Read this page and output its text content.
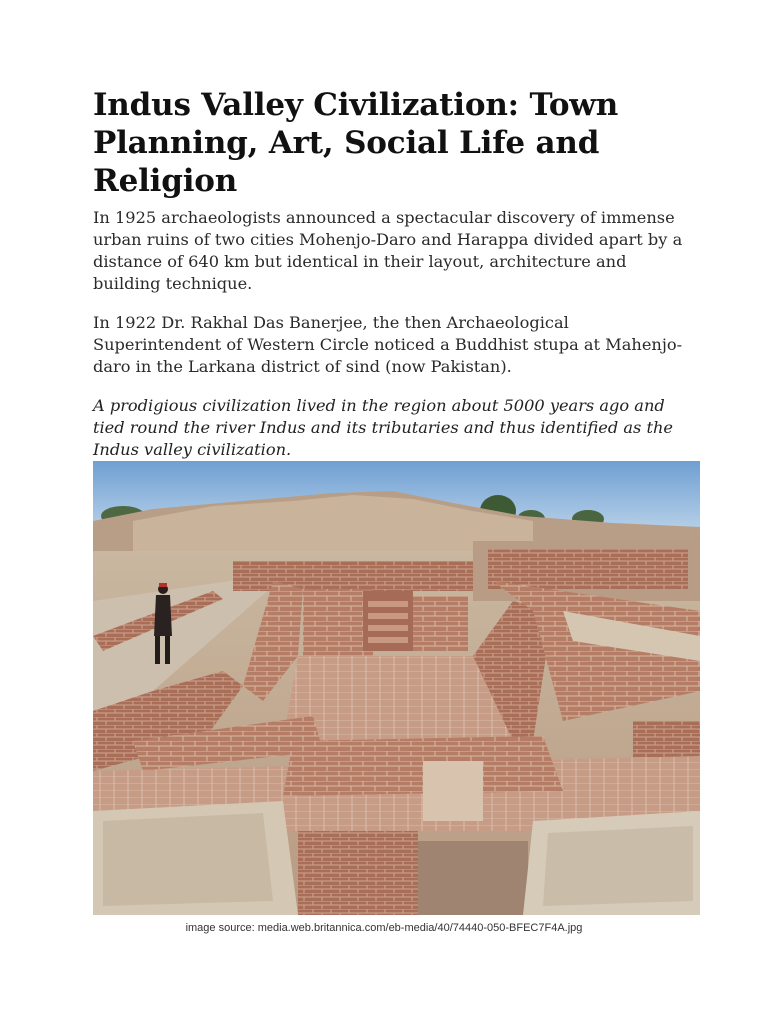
Indus Valley Civilization: Town Planning, Art, Social Life and Religion

In 1925 archaeologists announced a spectacular discovery of immense urban ruins of two cities Mohenjo-Daro and Harappa divided apart by a distance of 640 km but identical in their layout, architecture and building technique.

In 1922 Dr. Rakhal Das Banerjee, the then Archaeological Superintendent of Western Circle noticed a Buddhist stupa at Mahenjo-daro in the Larkana district of sind (now Pakistan).

A prodigious civilization lived in the region about 5000 years ago and tied round the river Indus and its tributaries and thus identified as the Indus valley civilization.

image source: media.web.britannica.com/eb-media/40/74440-050-BFEC7F4A.jpg
